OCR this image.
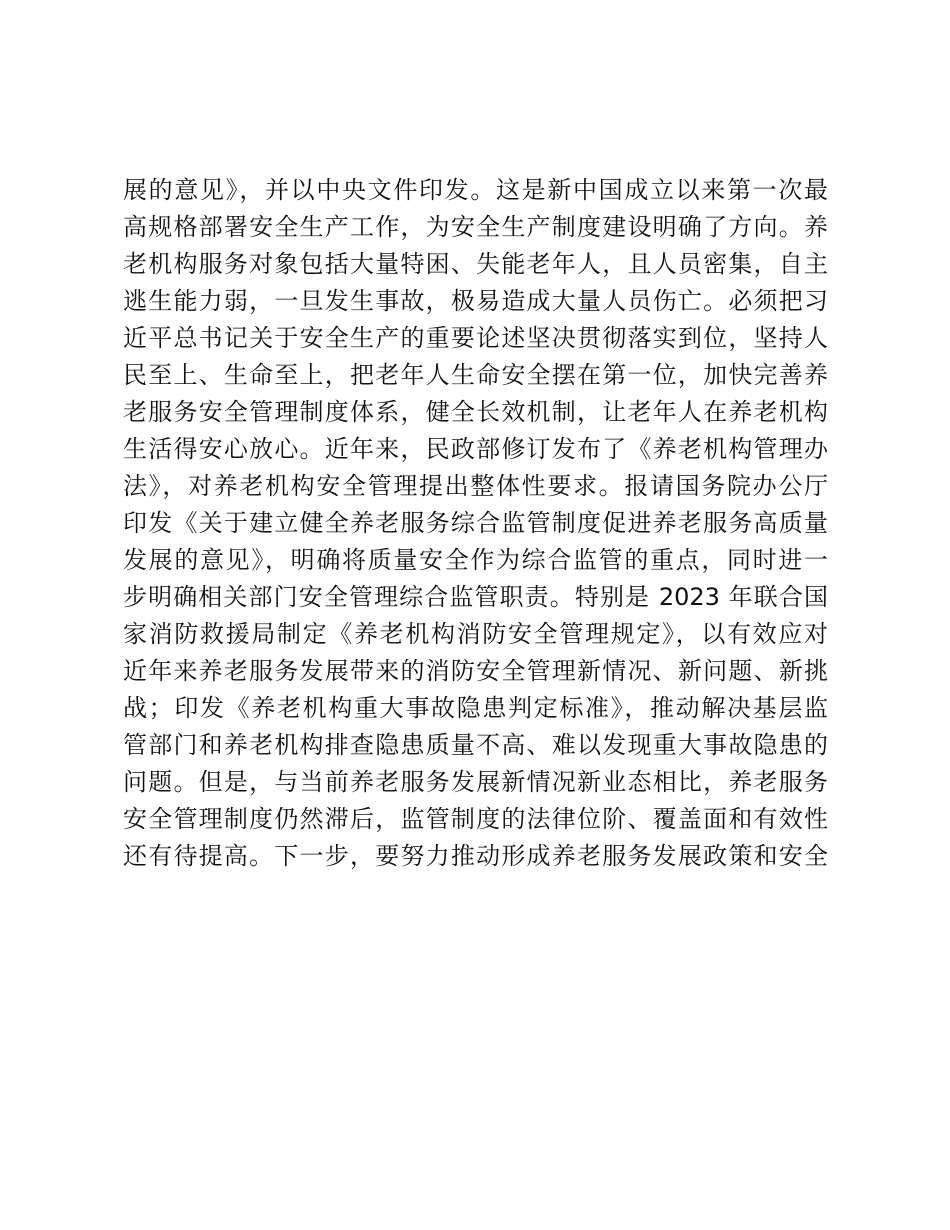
展的意见》，并以中央文件印发。这是新中国成立以来第一次最
高规格部署安全生产工作，为安全生产制度建设明确了方向。养
老机构服务对象包括大量特困、失能老年人，且人员密集，自主
逃生能力弱，一旦发生事故，极易造成大量人员伤亡。必须把习
近平总书记关于安全生产的重要论述坚决贯彻落实到位，坚持人
民至上、生命至上，把老年人生命安全摆在第一位，加快完善养
老服务安全管理制度体系，健全长效机制，让老年人在养老机构
生活得安心放心。近年来，民政部修订发布了《养老机构管理办
法》，对养老机构安全管理提出整体性要求。报请国务院办公厅
印发《关于建立健全养老服务综合监管制度促进养老服务高质量
发展的意见》，明确将质量安全作为综合监管的重点，同时进一
步明确相关部门安全管理综合监管职责。特别是 2023 年联合国
家消防救援局制定《养老机构消防安全管理规定》，以有效应对
近年来养老服务发展带来的消防安全管理新情况、新问题、新挑
战；印发《养老机构重大事故隐患判定标准》，推动解决基层监
管部门和养老机构排查隐患质量不高、难以发现重大事故隐患的
问题。但是，与当前养老服务发展新情况新业态相比，养老服务
安全管理制度仍然滞后，监管制度的法律位阶、覆盖面和有效性
还有待提高。下一步，要努力推动形成养老服务发展政策和安全
